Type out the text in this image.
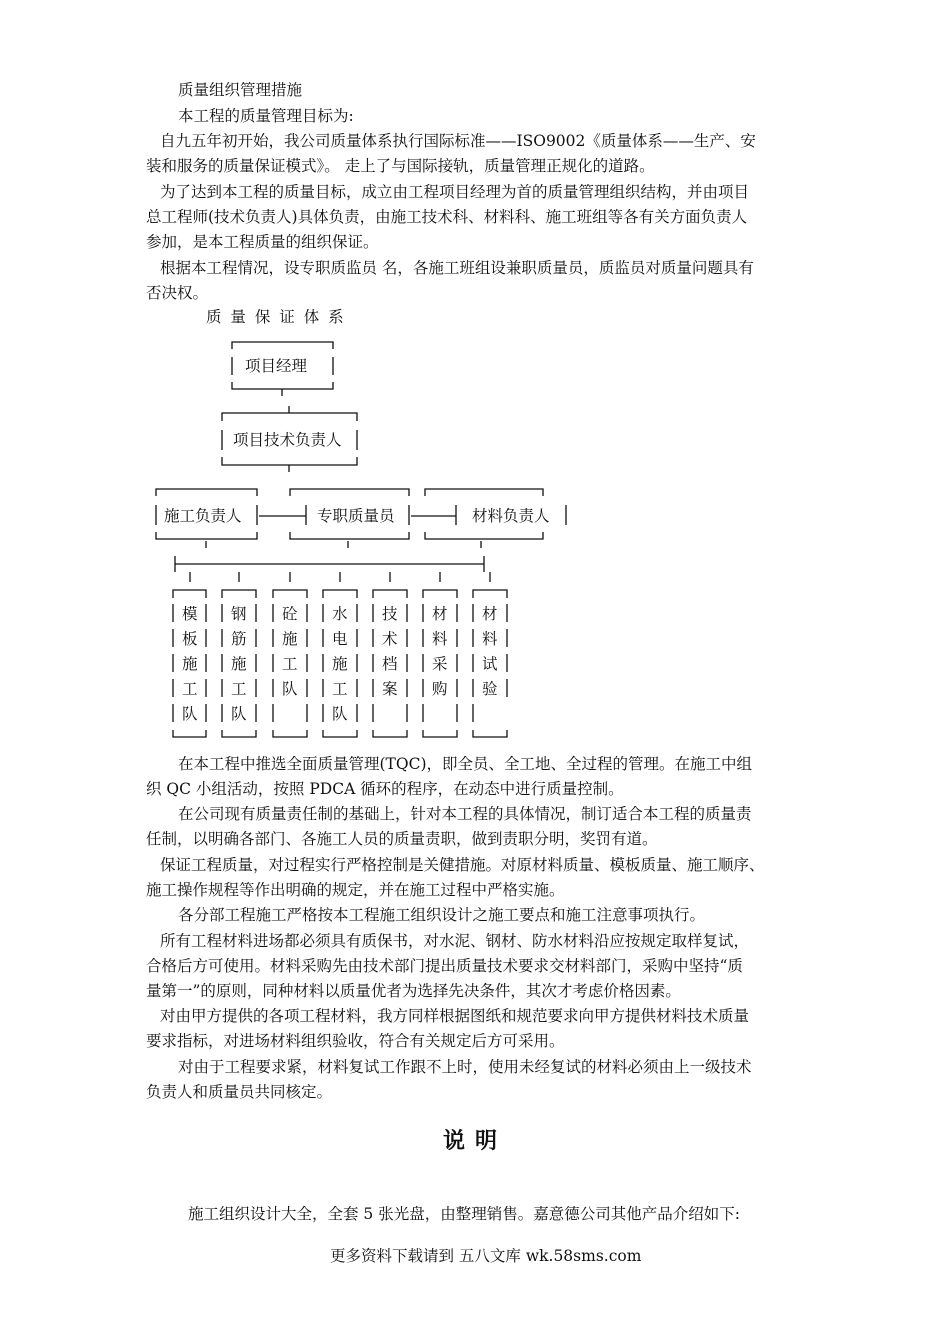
质量组织管理措施
本工程的质量管理目标为:
自九五年初开始，我公司质量体系执行国际标准——ISO9002《质量体系——生产、安
装和服务的质量保证模式》。 走上了与国际接轨，质量管理正规化的道路。
为了达到本工程的质量目标，成立由工程项目经理为首的质量管理组织结构，并由项目
总工程师(技术负责人)具体负责，由施工技术科、材料科、施工班组等各有关方面负责人
参加，是本工程质量的组织保证。
根据本工程情况，设专职质监员 名，各施工班组设兼职质量员，质监员对质量问题具有
否决权。
质 量 保 证 体 系
项目经理
项目技术负责人
施工负责人	专职质量员	材料负责人
模
板
施
工
队
钢
筋
施
工
队
砼
施
工
队
水
电
施
工
队
技
术
档
案
材
料
采
购
材
料
试
验
在本工程中推选全面质量管理(TQC)，即全员、全工地、全过程的管理。在施工中组
织 QC 小组活动，按照 PDCA 循环的程序，在动态中进行质量控制。
在公司现有质量责任制的基础上，针对本工程的具体情况，制订适合本工程的质量责
任制，以明确各部门、各施工人员的质量责职，做到责职分明，奖罚有道。
保证工程质量，对过程实行严格控制是关健措施。对原材料质量、模板质量、施工顺序、
施工操作规程等作出明确的规定，并在施工过程中严格实施。
各分部工程施工严格按本工程施工组织设计之施工要点和施工注意事项执行。
所有工程材料进场都必须具有质保书，对水泥、钢材、防水材料沿应按规定取样复试，
合格后方可使用。材料采购先由技术部门提出质量技术要求交材料部门，采购中坚持“质
量第一”的原则，同种材料以质量优者为选择先决条件，其次才考虑价格因素。
对由甲方提供的各项工程材料，我方同样根据图纸和规范要求向甲方提供材料技术质量
要求指标，对进场材料组织验收，符合有关规定后方可采用。
对由于工程要求紧，材料复试工作跟不上时，使用未经复试的材料必须由上一级技术
负责人和质量员共同核定。
说明
施工组织设计大全，全套 5 张光盘，由整理销售。嘉意德公司其他产品介绍如下:
更多资料下载请到 五八文库 wk.58sms.com
